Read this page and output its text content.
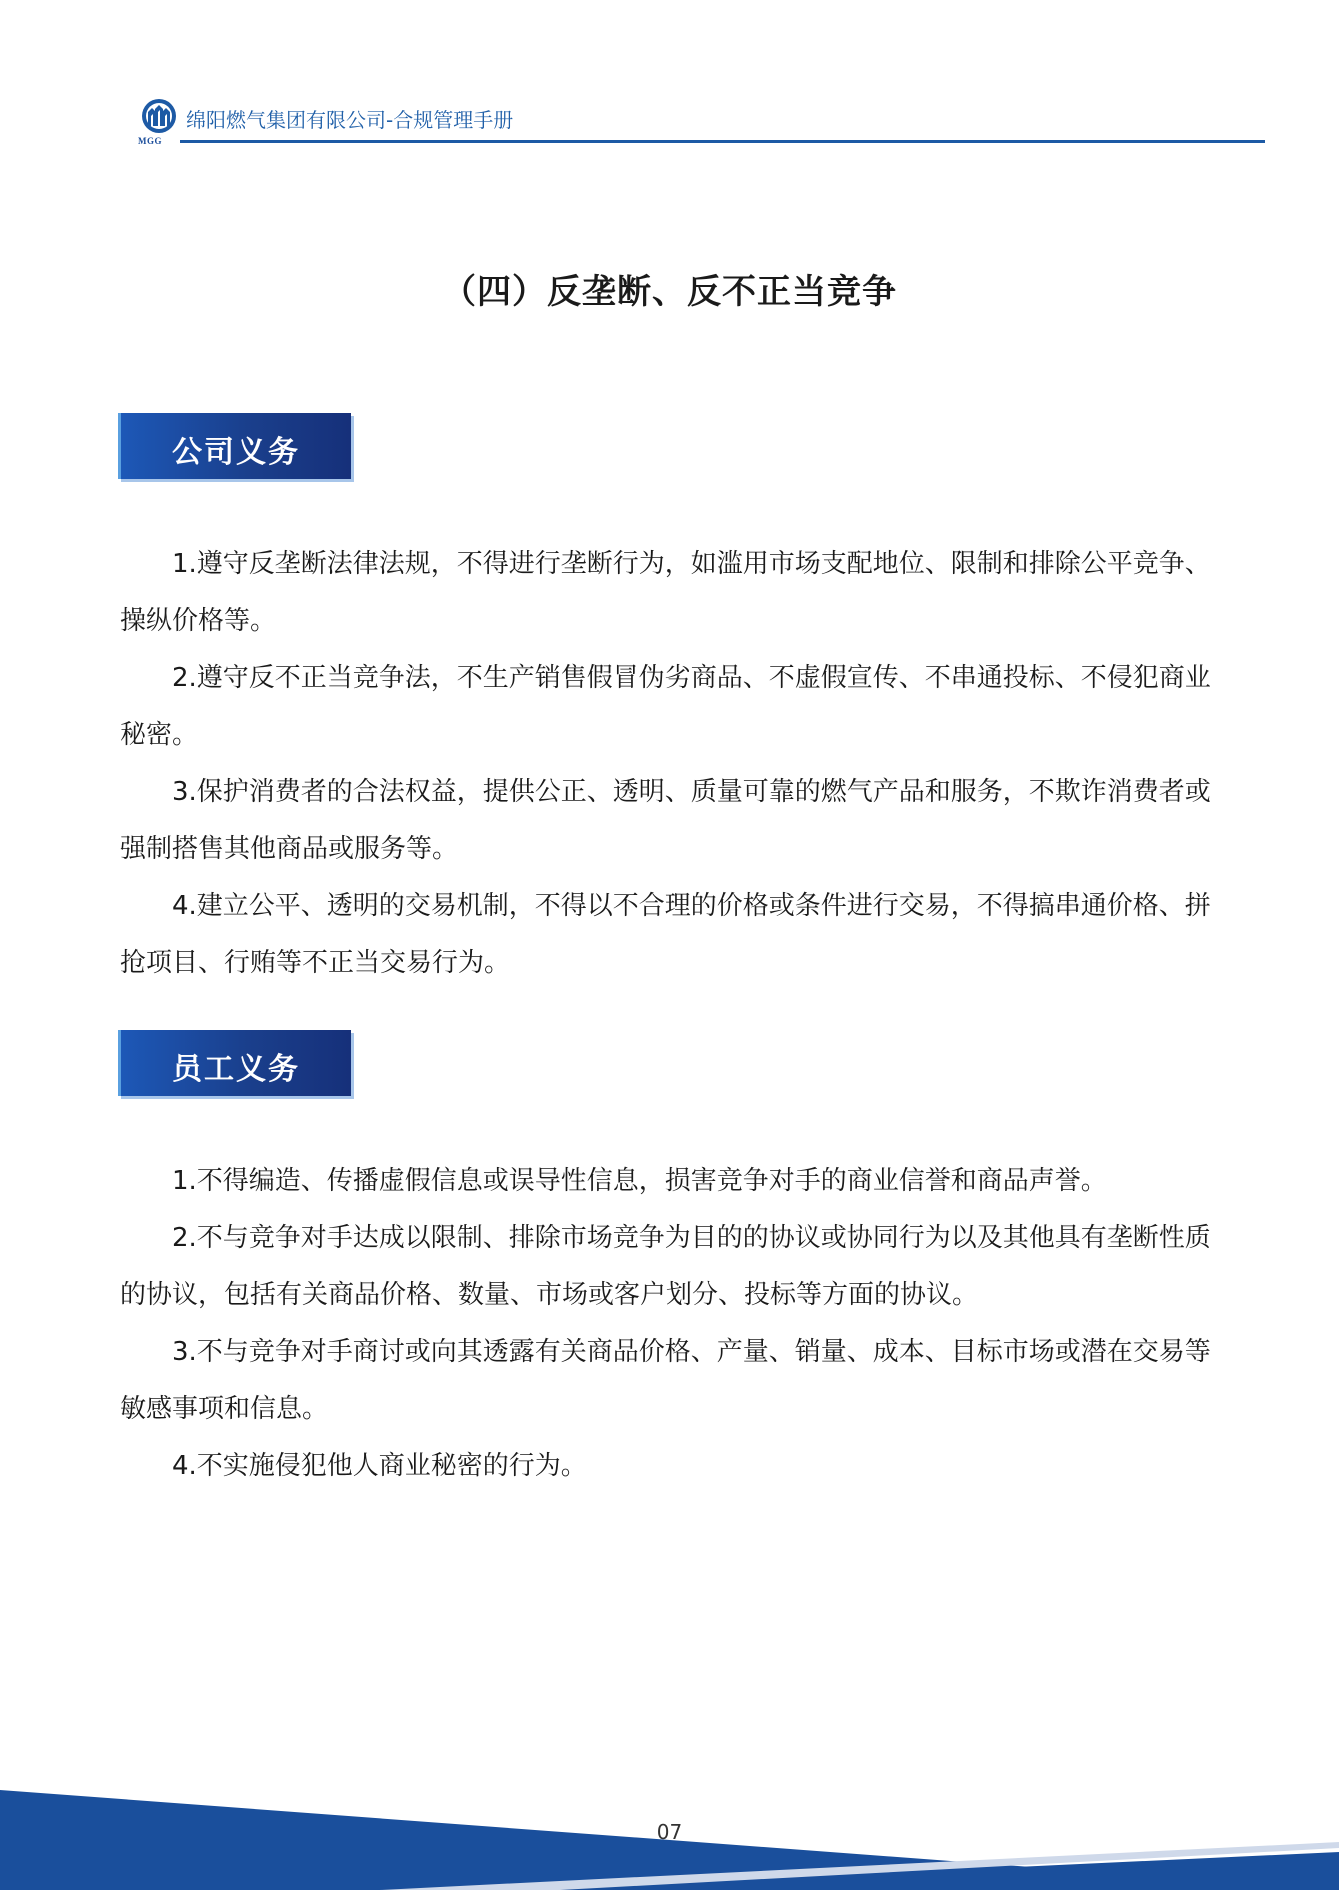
MGG
绵阳燃气集团有限公司-合规管理手册
（四）反垄断、反不正当竞争
公司义务

1.遵守反垄断法律法规，不得进行垄断行为，如滥用市场支配地位、限制和排除公平竞争、操纵价格等。

2.遵守反不正当竞争法，不生产销售假冒伪劣商品、不虚假宣传、不串通投标、不侵犯商业秘密。

3.保护消费者的合法权益，提供公正、透明、质量可靠的燃气产品和服务，不欺诈消费者或强制搭售其他商品或服务等。

4.建立公平、透明的交易机制，不得以不合理的价格或条件进行交易，不得搞串通价格、拼抢项目、行贿等不正当交易行为。

员工义务

1.不得编造、传播虚假信息或误导性信息，损害竞争对手的商业信誉和商品声誉。

2.不与竞争对手达成以限制、排除市场竞争为目的的协议或协同行为以及其他具有垄断性质的协议，包括有关商品价格、数量、市场或客户划分、投标等方面的协议。

3.不与竞争对手商讨或向其透露有关商品价格、产量、销量、成本、目标市场或潜在交易等敏感事项和信息。

4.不实施侵犯他人商业秘密的行为。

07
